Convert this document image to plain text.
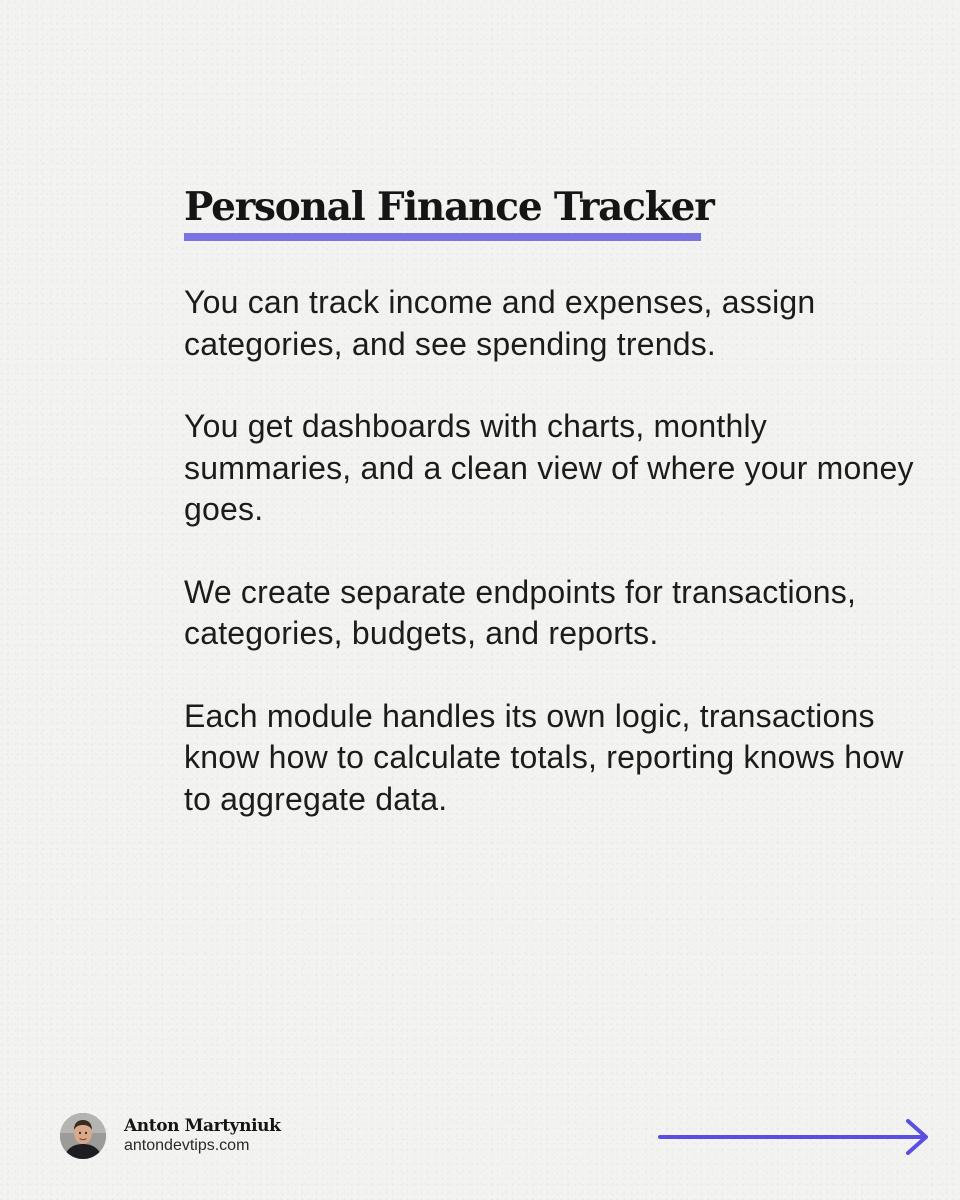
Personal Finance Tracker

You can track income and expenses, assign categories, and see spending trends.

You get dashboards with charts, monthly summaries, and a clean view of where your money goes.

We create separate endpoints for transactions, categories, budgets, and reports.

Each module handles its own logic, transactions know how to calculate totals, reporting knows how to aggregate data.

Anton Martyniuk
antondevtips.com
